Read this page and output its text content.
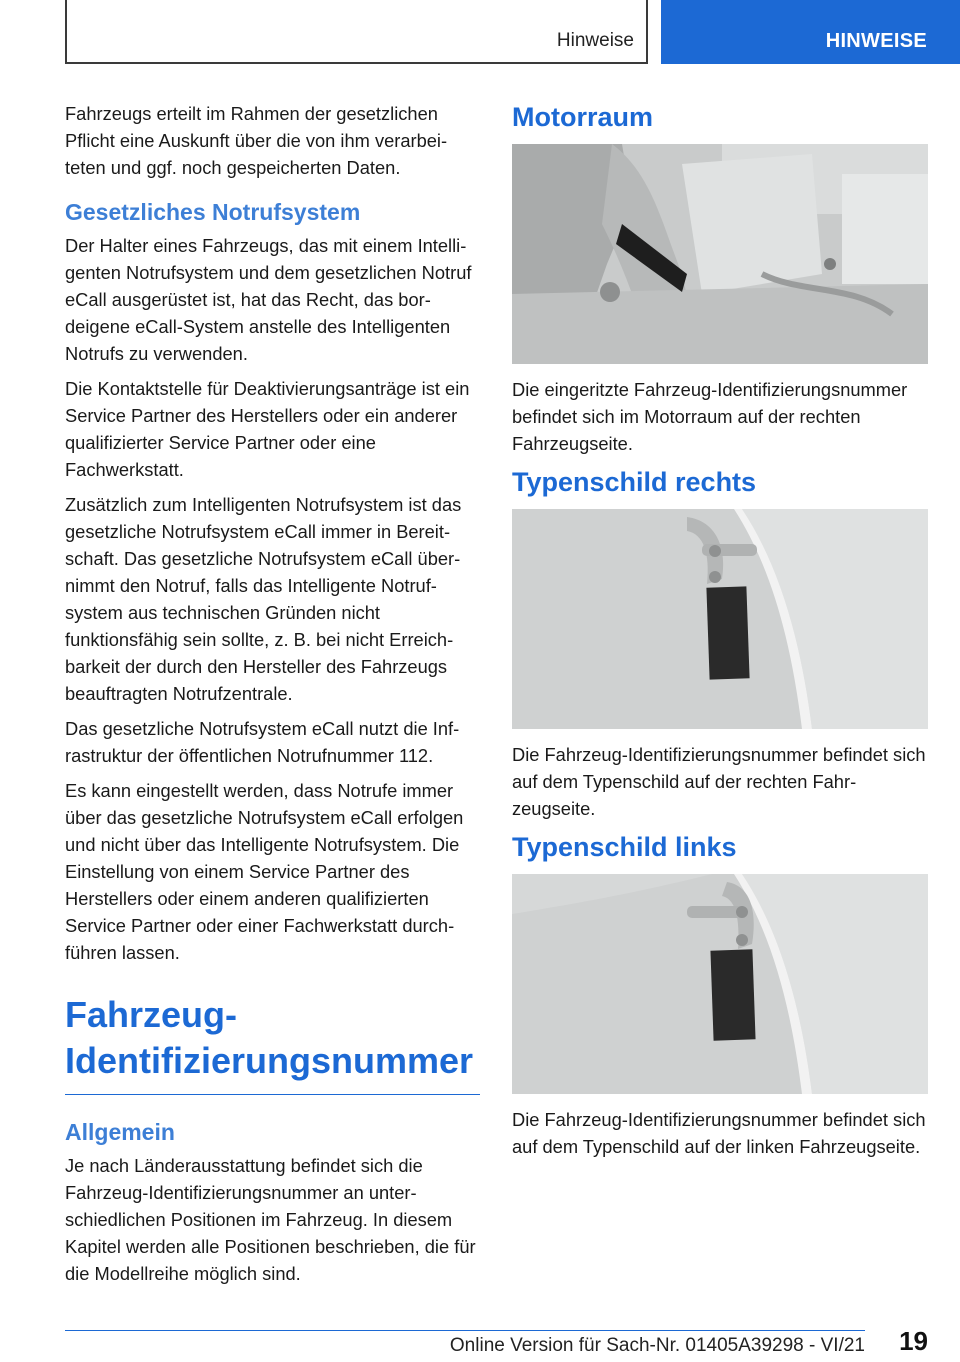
Hinweise	HINWEISE

Fahrzeugs erteilt im Rahmen der gesetzlichen Pflicht eine Auskunft über die von ihm verarbeiteten und ggf. noch gespeicherten Daten.

Gesetzliches Notrufsystem

Der Halter eines Fahrzeugs, das mit einem Intelligenten Notrufsystem und dem gesetzlichen Notruf eCall ausgerüstet ist, hat das Recht, das bordeigene eCall-System anstelle des Intelligenten Notrufs zu verwenden.

Die Kontaktstelle für Deaktivierungsanträge ist ein Service Partner des Herstellers oder ein anderer qualifizierter Service Partner oder eine Fachwerkstatt.

Zusätzlich zum Intelligenten Notrufsystem ist das gesetzliche Notrufsystem eCall immer in Bereitschaft. Das gesetzliche Notrufsystem eCall übernimmt den Notruf, falls das Intelligente Notrufsystem aus technischen Gründen nicht funktionsfähig sein sollte, z. B. bei nicht Erreichbarkeit der durch den Hersteller des Fahrzeugs beauftragten Notrufzentrale.

Das gesetzliche Notrufsystem eCall nutzt die Infrastruktur der öffentlichen Notrufnummer 112.

Es kann eingestellt werden, dass Notrufe immer über das gesetzliche Notrufsystem eCall erfolgen und nicht über das Intelligente Notrufsystem. Die Einstellung von einem Service Partner des Herstellers oder einem anderen qualifizierten Service Partner oder einer Fachwerkstatt durchführen lassen.

Fahrzeug-Identifizierungsnummer
Allgemein

Je nach Länderausstattung befindet sich die Fahrzeug-Identifizierungsnummer an unterschiedlichen Positionen im Fahrzeug. In diesem Kapitel werden alle Positionen beschrieben, die für die Modellreihe möglich sind.

Motorraum

Die eingeritzte Fahrzeug-Identifizierungsnummer befindet sich im Motorraum auf der rechten Fahrzeugseite.

Typenschild rechts

Die Fahrzeug-Identifizierungsnummer befindet sich auf dem Typenschild auf der rechten Fahrzeugseite.

Typenschild links

Die Fahrzeug-Identifizierungsnummer befindet sich auf dem Typenschild auf der linken Fahrzeugseite.

19
Online Version für Sach-Nr. 01405A39298 - VI/21
